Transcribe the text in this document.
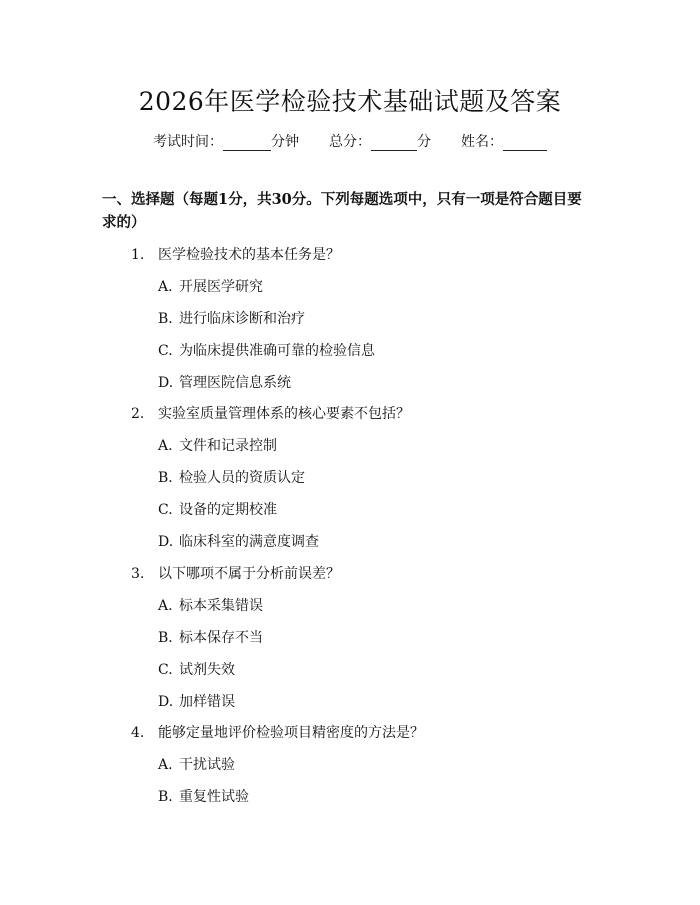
2026年医学检验技术基础试题及答案
考试时间：	分钟 总分：	分 姓名：
一、选择题（每题1分，共30分。下列每题选项中，只有一项是符合题目要求的）
1. 医学检验技术的基本任务是？
A. 开展医学研究
B. 进行临床诊断和治疗
C. 为临床提供准确可靠的检验信息
D. 管理医院信息系统
2. 实验室质量管理体系的核心要素不包括？
A. 文件和记录控制
B. 检验人员的资质认定
C. 设备的定期校准
D. 临床科室的满意度调查
3. 以下哪项不属于分析前误差？
A. 标本采集错误
B. 标本保存不当
C. 试剂失效
D. 加样错误
4. 能够定量地评价检验项目精密度的方法是？
A. 干扰试验
B. 重复性试验
